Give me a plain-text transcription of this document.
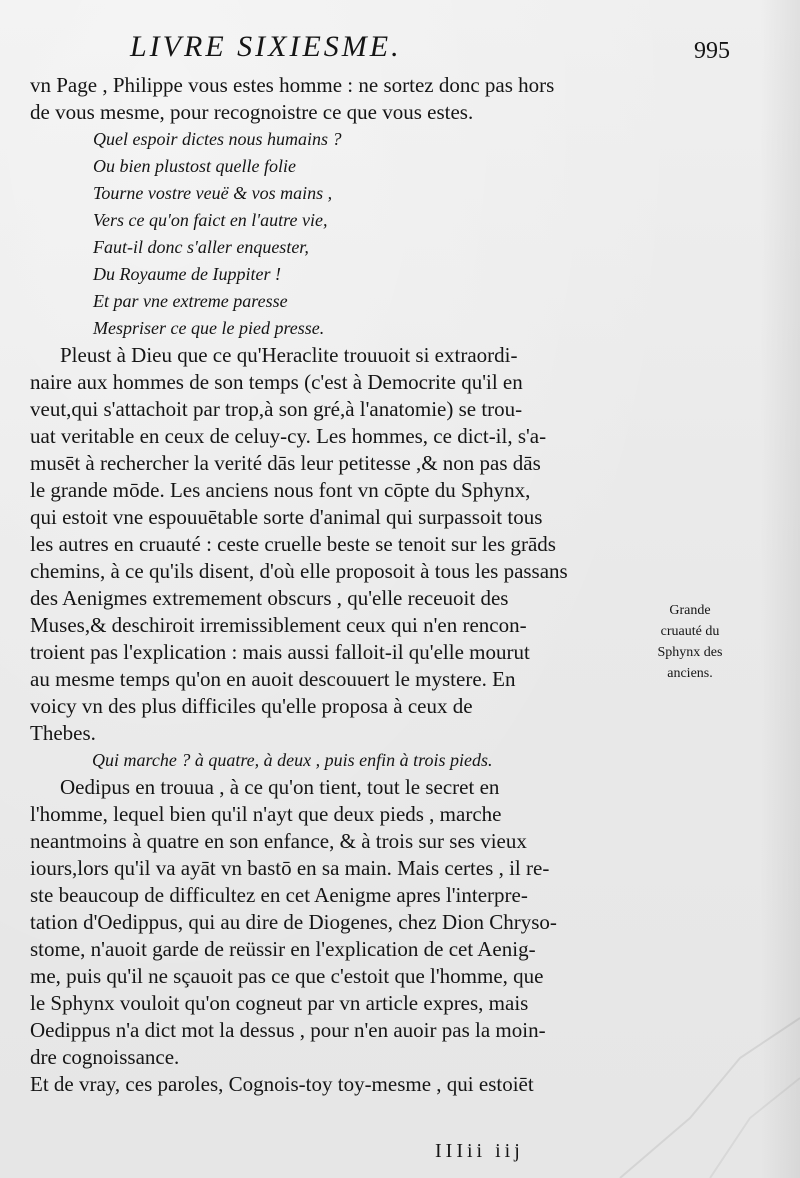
LIVRE SIXIESME.	995
vn Page , Philippe vous estes homme : ne sortez donc pas hors
de vous mesme, pour recognoistre ce que vous estes.
Quel espoir dictes nous humains ?
Ou bien plustost quelle folie
Tourne vostre veuë & vos mains ,
Vers ce qu'on faict en l'autre vie,
Faut-il donc s'aller enquester,
Du Royaume de Iuppiter !
Et par vne extreme paresse
Mespriser ce que le pied presse.
Pleust à Dieu que ce qu'Heraclite trouuoit si extraordi-
naire aux hommes de son temps (c'est à Democrite qu'il en
veut,qui s'attachoit par trop,à son gré,à l'anatomie) se trou-
uat veritable en ceux de celuy-cy. Les hommes, ce dict-il, s'a-
musēt à rechercher la verité dās leur petitesse ,& non pas dās
le grande mōde. Les anciens nous font vn cōpte du Sphynx,
qui estoit vne espouuētable sorte d'animal qui surpassoit tous
les autres en cruauté : ceste cruelle beste se tenoit sur les grāds
chemins, à ce qu'ils disent, d'où elle proposoit à tous les passans
des Aenigmes extremement obscurs , qu'elle receuoit des
Muses,& deschiroit irremissiblement ceux qui n'en rencon-
troient pas l'explication : mais aussi falloit-il qu'elle mourut
au mesme temps qu'on en auoit descouuert le mystere. En
voicy vn des plus difficiles qu'elle proposa à ceux de
Thebes.
Qui marche ? à quatre, à deux , puis enfin à trois pieds.
Oedipus en trouua , à ce qu'on tient, tout le secret en
l'homme, lequel bien qu'il n'ayt que deux pieds , marche
neantmoins à quatre en son enfance, & à trois sur ses vieux
iours,lors qu'il va ayāt vn bastō en sa main. Mais certes , il re-
ste beaucoup de difficultez en cet Aenigme apres l'interpre-
tation d'Oedippus, qui au dire de Diogenes, chez Dion Chryso-
stome, n'auoit garde de reüssir en l'explication de cet Aenig-
me, puis qu'il ne sçauoit pas ce que c'estoit que l'homme, que
le Sphynx vouloit qu'on cogneut par vn article expres, mais
Oedippus n'a dict mot la dessus , pour n'en auoir pas la moin-
dre cognoissance.
Et de vray, ces paroles, Cognois-toy toy-mesme , qui estoiēt
Grande
cruauté du
Sphynx des
anciens.
IIIii iij
